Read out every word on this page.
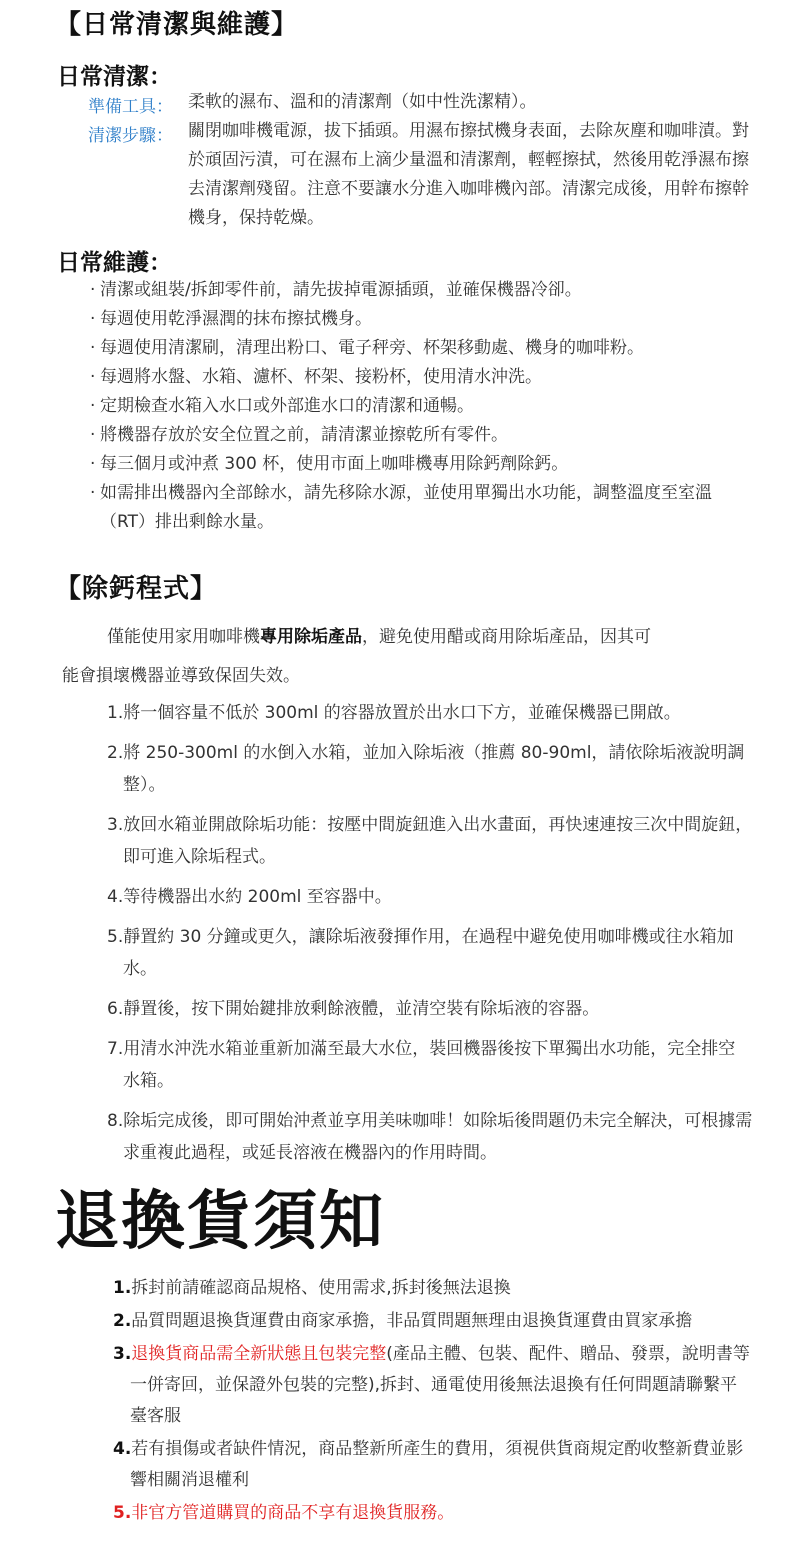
【日常清潔與維護】
日常清潔：
準備工具： 柔軟的濕布、溫和的清潔劑（如中性洗潔精）。
清潔步驟： 關閉咖啡機電源，拔下插頭。用濕布擦拭機身表面，去除灰塵和咖啡漬。對於頑固污漬，可在濕布上滴少量溫和清潔劑，輕輕擦拭，然後用乾淨濕布擦去清潔劑殘留。注意不要讓水分進入咖啡機內部。清潔完成後，用幹布擦幹機身，保持乾燥。
日常維護：
· 清潔或組裝/拆卸零件前，請先拔掉電源插頭，並確保機器冷卻。
· 每週使用乾淨濕潤的抹布擦拭機身。
· 每週使用清潔刷，清理出粉口、電子秤旁、杯架移動處、機身的咖啡粉。
· 每週將水盤、水箱、濾杯、杯架、接粉杯，使用清水沖洗。
· 定期檢查水箱入水口或外部進水口的清潔和通暢。
· 將機器存放於安全位置之前，請清潔並擦乾所有零件。
· 每三個月或沖煮 300 杯，使用市面上咖啡機專用除鈣劑除鈣。
· 如需排出機器內全部餘水，請先移除水源，並使用單獨出水功能，調整溫度至室溫（RT）排出剩餘水量。
【除鈣程式】
僅能使用家用咖啡機專用除垢產品，避免使用醋或商用除垢產品，因其可
能會損壞機器並導致保固失效。
1.將一個容量不低於 300ml 的容器放置於出水口下方，並確保機器已開啟。
2.將 250-300ml 的水倒入水箱，並加入除垢液（推薦 80-90ml，請依除垢液說明調整）。
3.放回水箱並開啟除垢功能：按壓中間旋鈕進入出水畫面，再快速連按三次中間旋鈕，即可進入除垢程式。
4.等待機器出水約 200ml 至容器中。
5.靜置約 30 分鐘或更久，讓除垢液發揮作用，在過程中避免使用咖啡機或往水箱加水。
6.靜置後，按下開始鍵排放剩餘液體，並清空裝有除垢液的容器。
7.用清水沖洗水箱並重新加滿至最大水位，裝回機器後按下單獨出水功能，完全排空水箱。
8.除垢完成後，即可開始沖煮並享用美味咖啡！如除垢後問題仍未完全解決，可根據需求重複此過程，或延長溶液在機器內的作用時間。
退換貨須知
1.拆封前請確認商品規格、使用需求,拆封後無法退換
2.品質問題退換貨運費由商家承擔，非品質問題無理由退換貨運費由買家承擔
3.退換貨商品需全新狀態且包裝完整(產品主體、包裝、配件、贈品、發票，說明書等一併寄回，並保證外包裝的完整),拆封、通電使用後無法退換有任何問題請聯繫平臺客服
4.若有損傷或者缺件情況，商品整新所產生的費用，須視供貨商規定酌收整新費並影響相關消退權利
5.非官方管道購買的商品不享有退換貨服務。
